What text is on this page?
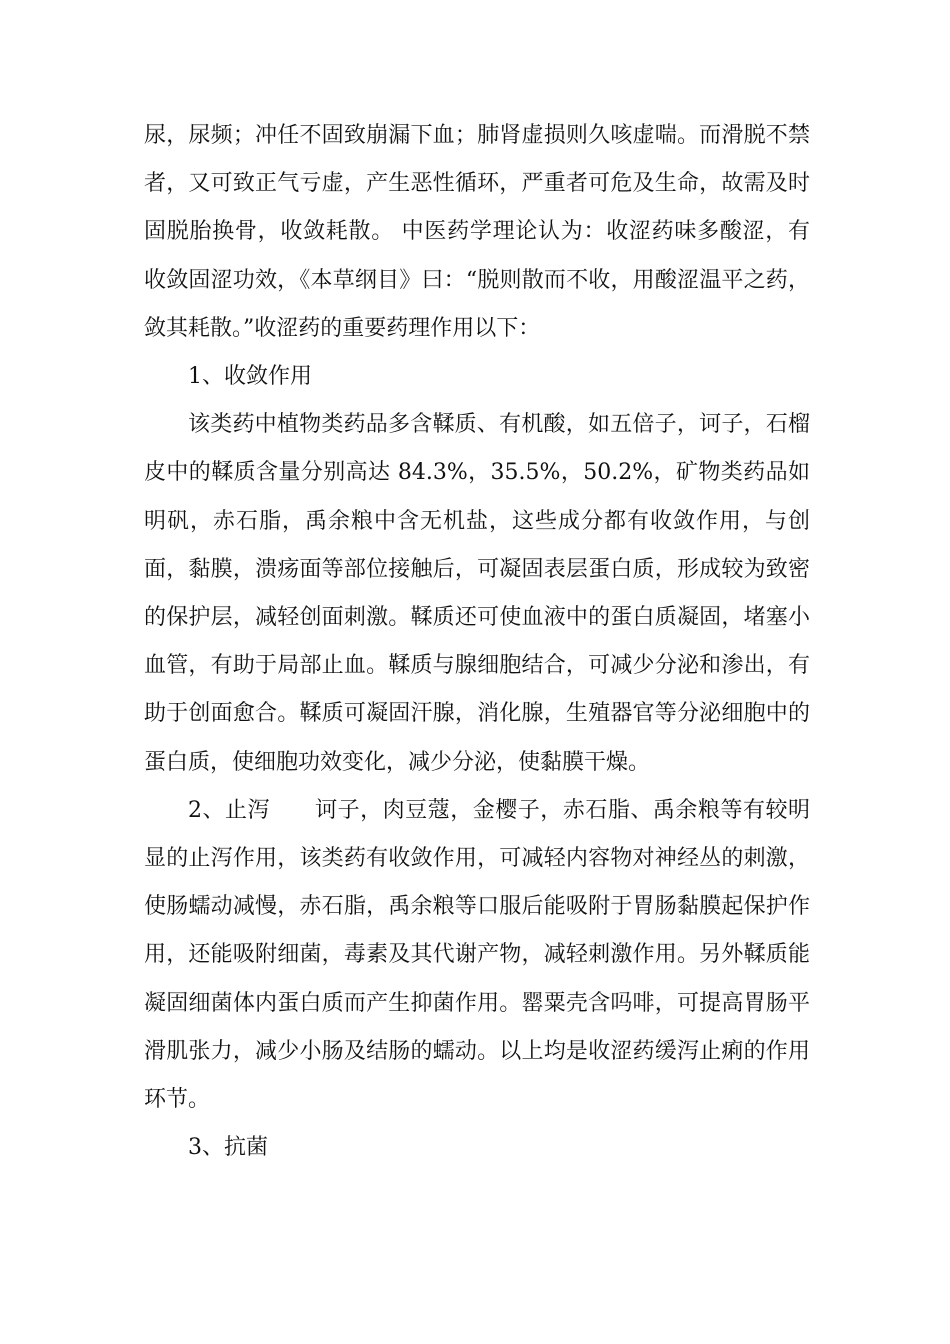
尿，尿频；冲任不固致崩漏下血；肺肾虚损则久咳虚喘。而滑脱不禁者，又可致正气亏虚，产生恶性循环，严重者可危及生命，故需及时固脱胎换骨，收敛耗散。 中医药学理论认为：收涩药味多酸涩，有收敛固涩功效，《本草纲目》曰：“脱则散而不收，用酸涩温平之药，敛其耗散。”收涩药的重要药理作用以下：

1、收敛作用

该类药中植物类药品多含鞣质、有机酸，如五倍子，诃子，石榴皮中的鞣质含量分别高达 84.3%，35.5%，50.2%，矿物类药品如明矾，赤石脂，禹余粮中含无机盐，这些成分都有收敛作用，与创面，黏膜，溃疡面等部位接触后，可凝固表层蛋白质，形成较为致密的保护层，减轻创面刺激。鞣质还可使血液中的蛋白质凝固，堵塞小血管，有助于局部止血。鞣质与腺细胞结合，可减少分泌和渗出，有助于创面愈合。鞣质可凝固汗腺，消化腺，生殖器官等分泌细胞中的蛋白质，使细胞功效变化，减少分泌，使黏膜干燥。

2、止泻　　诃子，肉豆蔻，金樱子，赤石脂、禹余粮等有较明显的止泻作用，该类药有收敛作用，可减轻内容物对神经丛的刺激，使肠蠕动减慢，赤石脂，禹余粮等口服后能吸附于胃肠黏膜起保护作用，还能吸附细菌，毒素及其代谢产物，减轻刺激作用。另外鞣质能凝固细菌体内蛋白质而产生抑菌作用。罂粟壳含吗啡，可提高胃肠平滑肌张力，减少小肠及结肠的蠕动。以上均是收涩药缓泻止痢的作用环节。

3、抗菌
